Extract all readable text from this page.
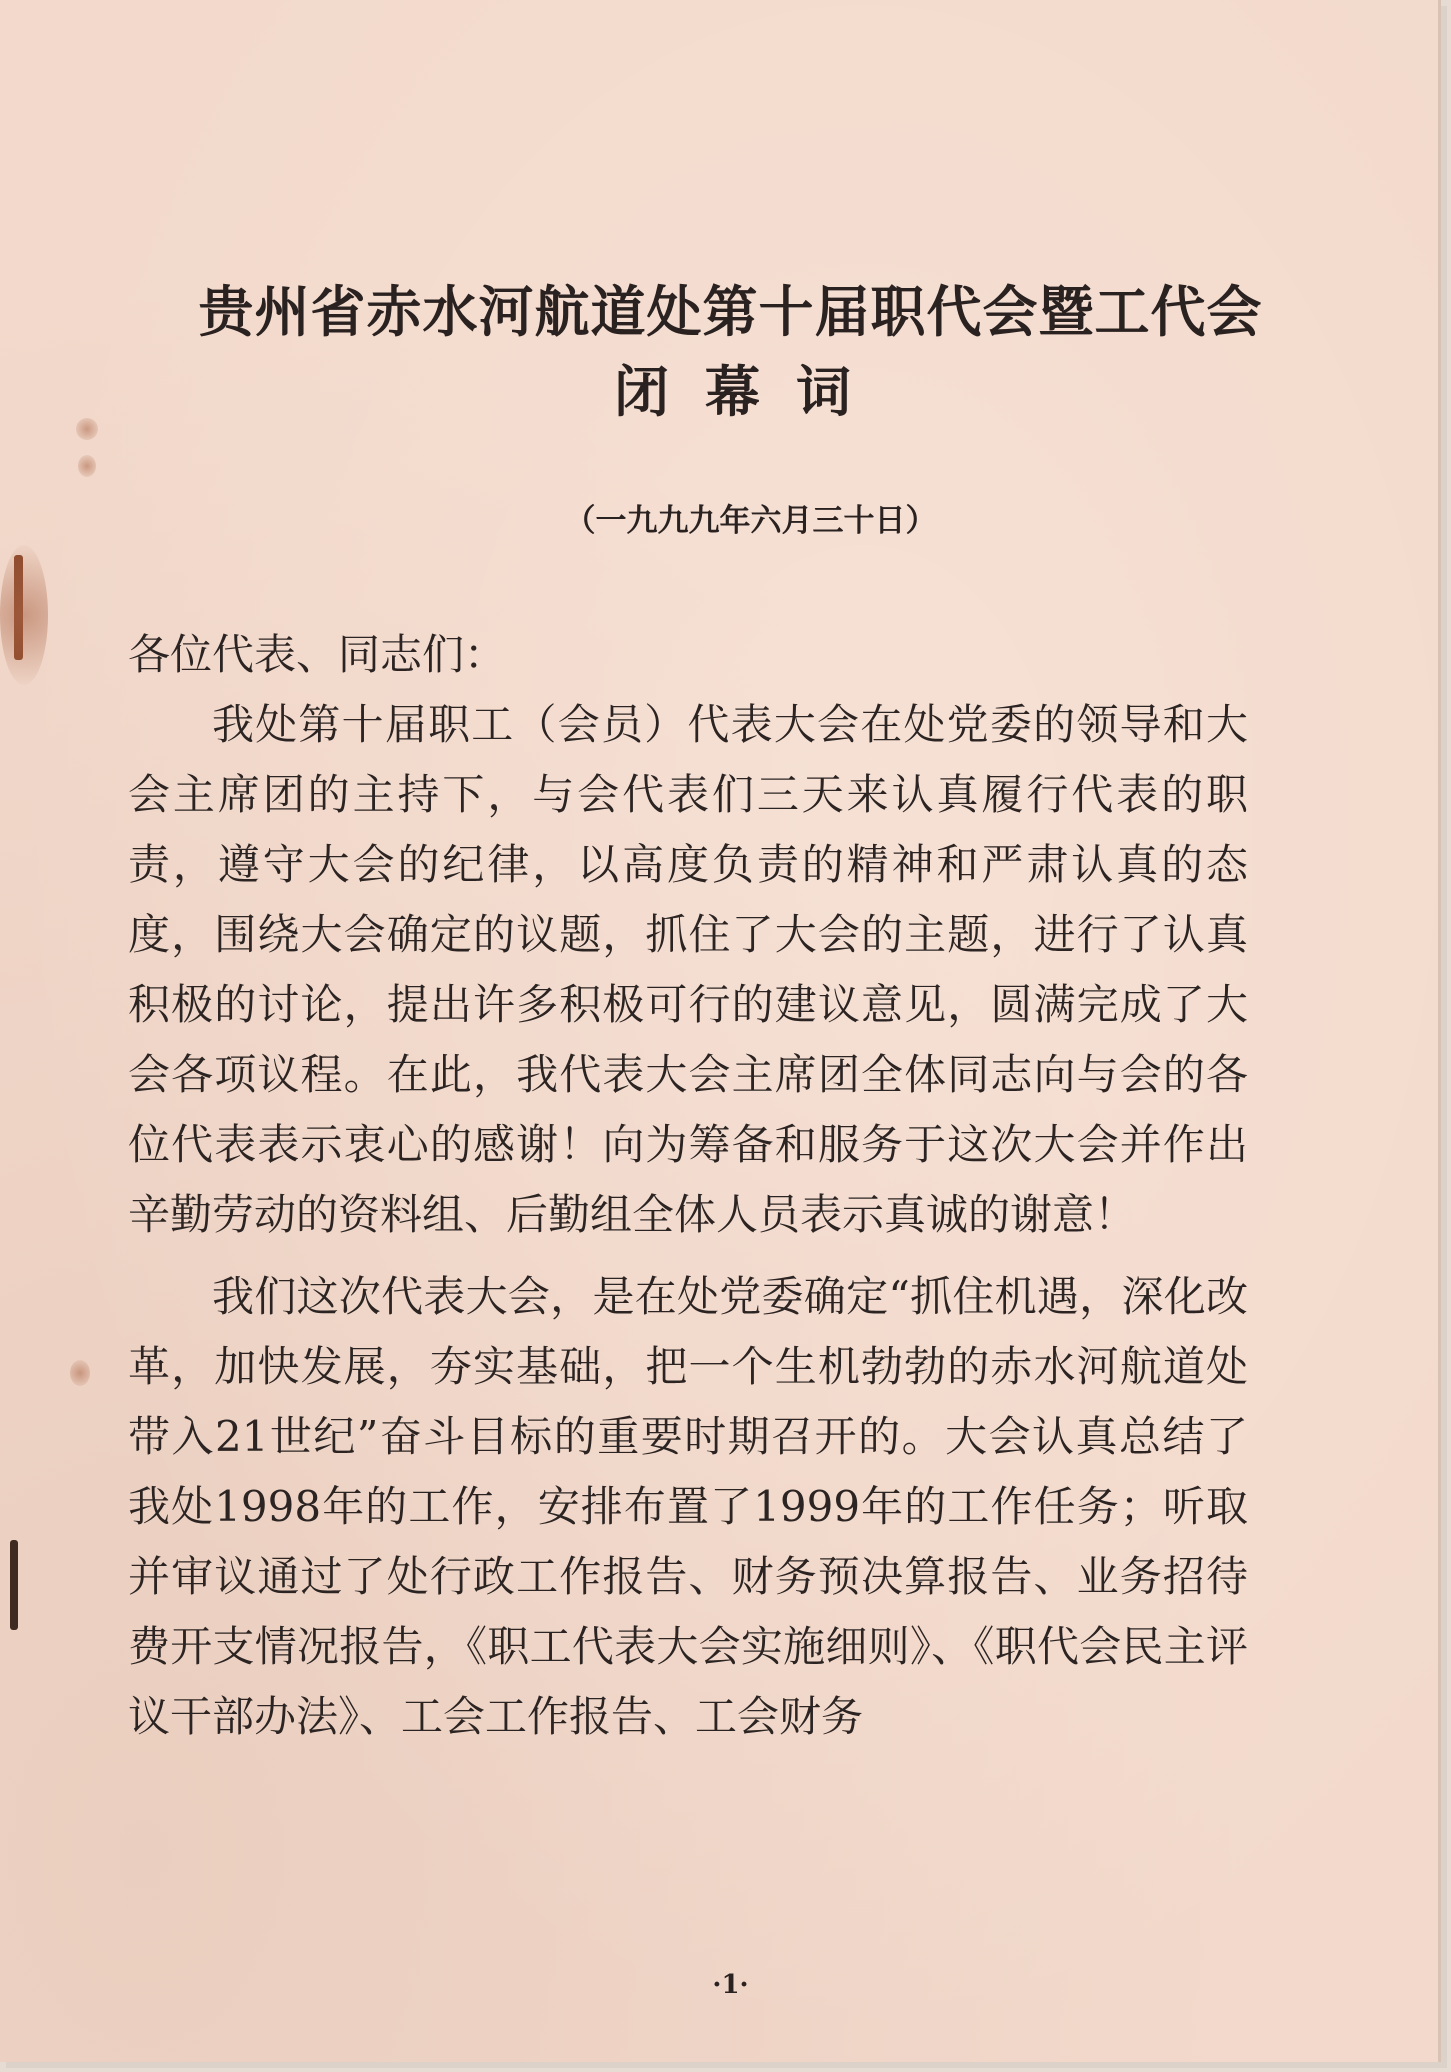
贵州省赤水河航道处第十届职代会暨工代会
闭幕词
（一九九九年六月三十日）

各位代表、同志们：

我处第十届职工（会员）代表大会在处党委的领导和大会主席团的主持下，与会代表们三天来认真履行代表的职责，遵守大会的纪律，以高度负责的精神和严肃认真的态度，围绕大会确定的议题，抓住了大会的主题，进行了认真积极的讨论，提出许多积极可行的建议意见，圆满完成了大会各项议程。在此，我代表大会主席团全体同志向与会的各位代表表示衷心的感谢！向为筹备和服务于这次大会并作出辛勤劳动的资料组、后勤组全体人员表示真诚的谢意！

我们这次代表大会，是在处党委确定“抓住机遇，深化改革，加快发展，夯实基础，把一个生机勃勃的赤水河航道处带入21世纪”奋斗目标的重要时期召开的。大会认真总结了我处1998年的工作，安排布置了1999年的工作任务；听取并审议通过了处行政工作报告、财务预决算报告、业务招待费开支情况报告，《职工代表大会实施细则》、《职代会民主评议干部办法》、工会工作报告、工会财务

·1·
